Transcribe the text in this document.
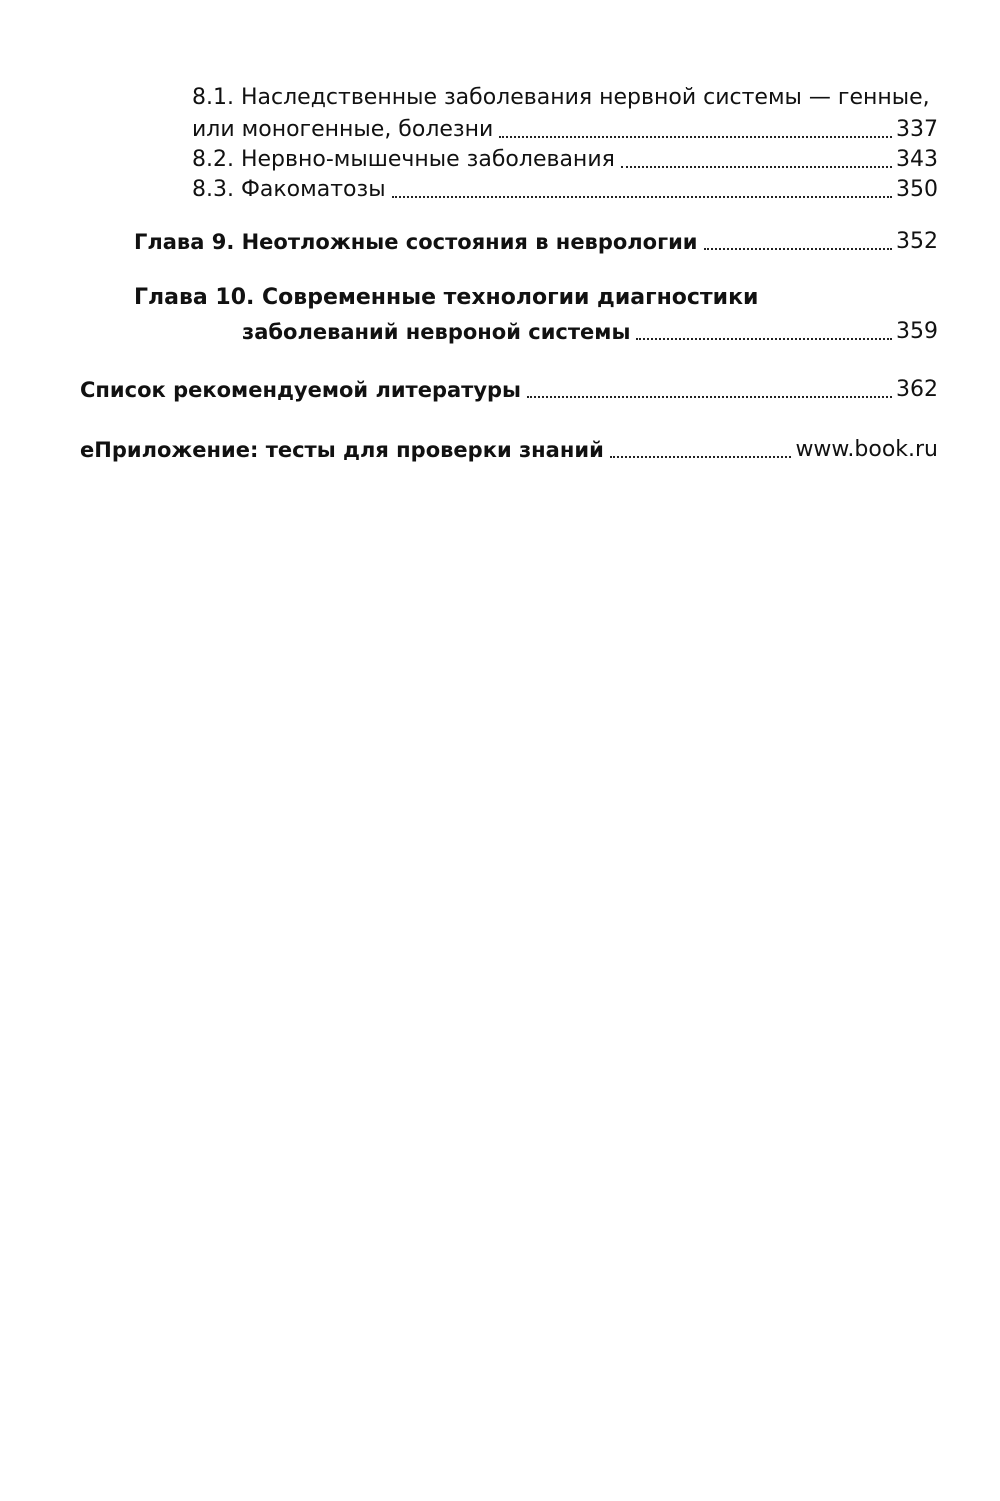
8.1. Наследственные заболевания нервной системы — генные,
или моногенные, болезни	337
8.2. Нервно-мышечные заболевания	343
8.3. Факоматозы	350
Глава 9. Неотложные состояния в неврологии	352
Глава 10. Современные технологии диагностики
заболеваний невроной системы	359
Список рекомендуемой литературы	362
еПриложение: тесты для проверки знаний	www.book.ru
